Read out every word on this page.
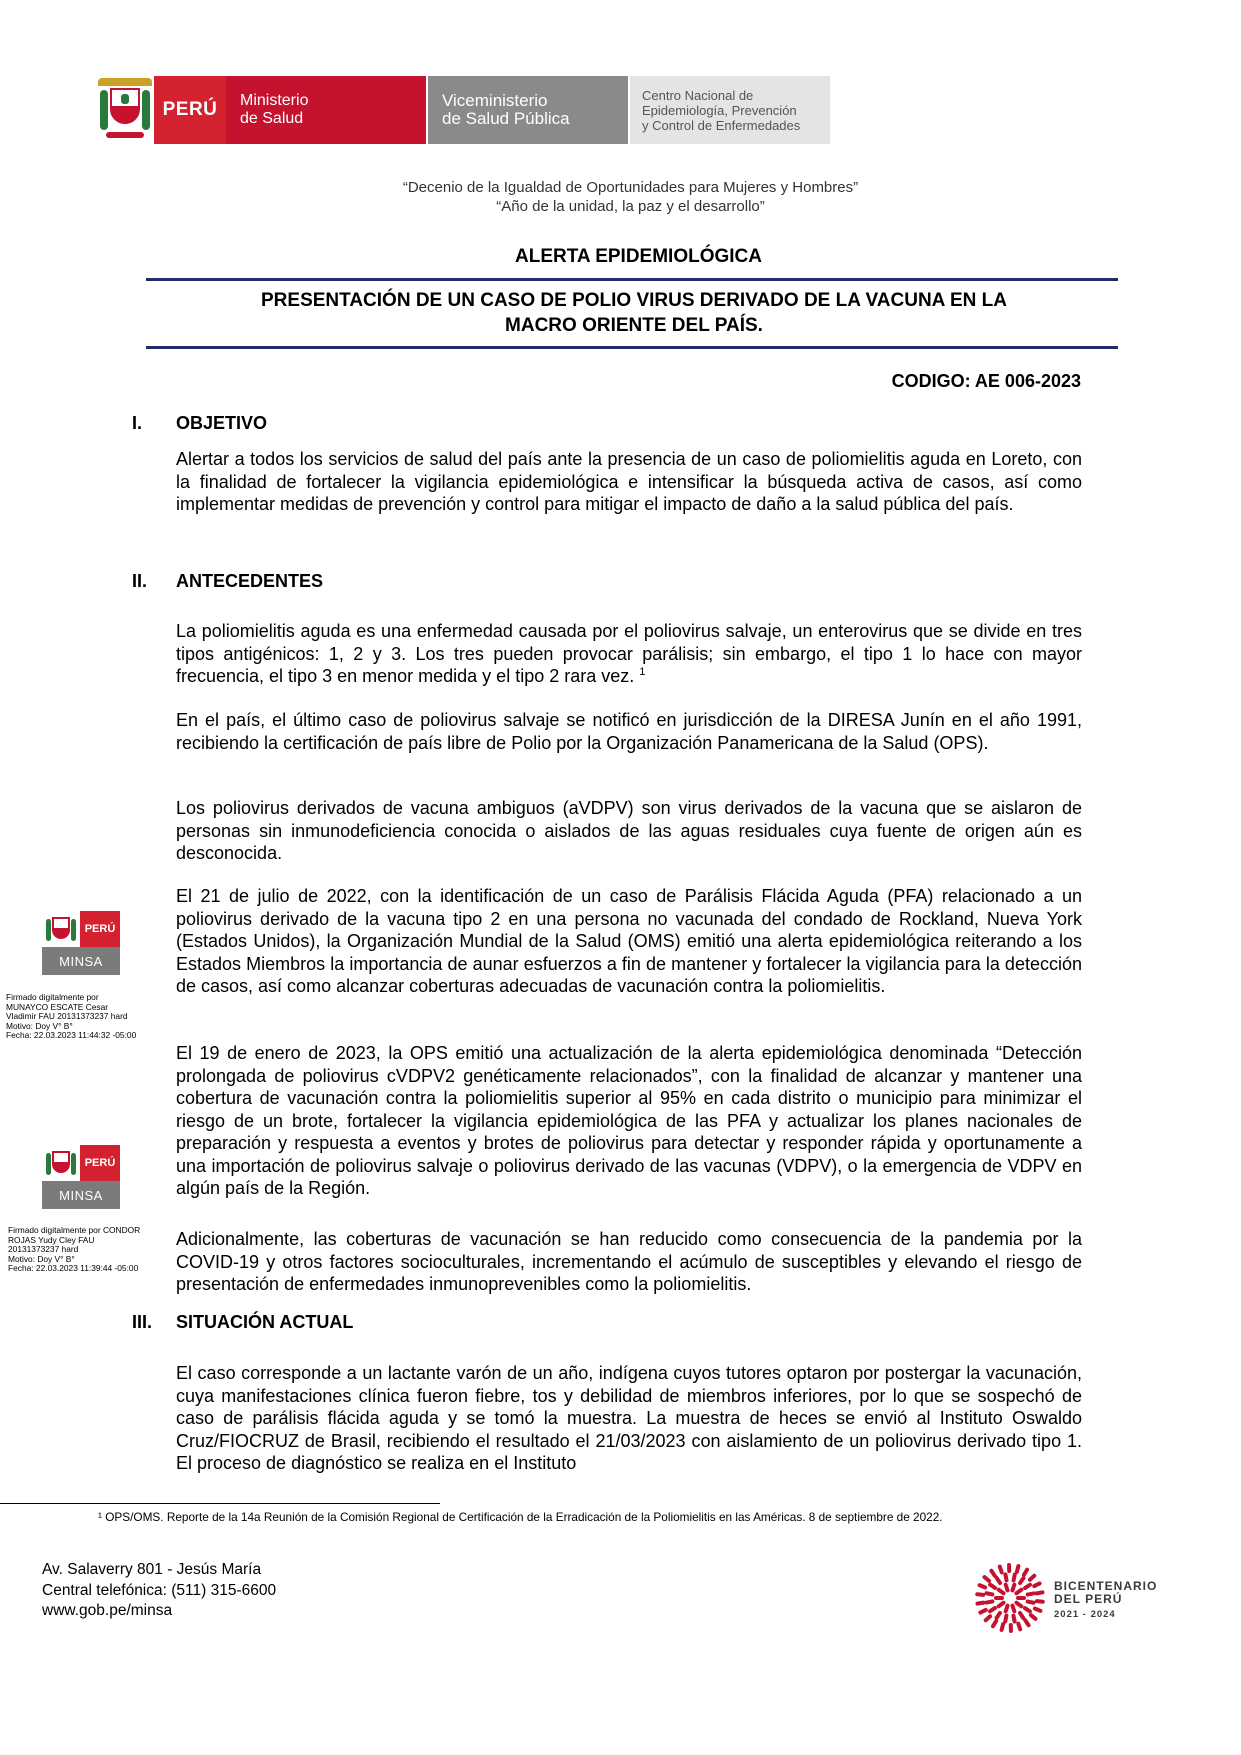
PERÚ Ministerio
de Salud
Viceministerio
de Salud Pública
Centro Nacional de
Epidemiología, Prevención
y Control de Enfermedades
“Decenio de la Igualdad de Oportunidades para Mujeres y Hombres”
“Año de la unidad, la paz y el desarrollo”
ALERTA EPIDEMIOLÓGICA
PRESENTACIÓN DE UN CASO DE POLIO VIRUS DERIVADO DE LA VACUNA EN LA
MACRO ORIENTE DEL PAÍS.
CODIGO: AE 006-2023
I. OBJETIVO
Alertar a todos los servicios de salud del país ante la presencia de un caso de poliomielitis aguda en Loreto, con la finalidad de fortalecer la vigilancia epidemiológica e intensificar la búsqueda activa de casos, así como implementar medidas de prevención y control para mitigar el impacto de daño a la salud pública del país.
II. ANTECEDENTES
La poliomielitis aguda es una enfermedad causada por el poliovirus salvaje, un enterovirus que se divide en tres tipos antigénicos: 1, 2 y 3. Los tres pueden provocar parálisis; sin embargo, el tipo 1 lo hace con mayor frecuencia, el tipo 3 en menor medida y el tipo 2 rara vez. $^1$
En el país, el último caso de poliovirus salvaje se notificó en jurisdicción de la DIRESA Junín en el año 1991, recibiendo la certificación de país libre de Polio por la Organización Panamericana de la Salud (OPS).
Los poliovirus derivados de vacuna ambiguos (aVDPV) son virus derivados de la vacuna que se aislaron de personas sin inmunodeficiencia conocida o aislados de las aguas residuales cuya fuente de origen aún es desconocida.
El 21 de julio de 2022, con la identificación de un caso de Parálisis Flácida Aguda (PFA) relacionado a un poliovirus derivado de la vacuna tipo 2 en una persona no vacunada del condado de Rockland, Nueva York (Estados Unidos), la Organización Mundial de la Salud (OMS) emitió una alerta epidemiológica reiterando a los Estados Miembros la importancia de aunar esfuerzos a fin de mantener y fortalecer la vigilancia para la detección de casos, así como alcanzar coberturas adecuadas de vacunación contra la poliomielitis.
El 19 de enero de 2023, la OPS emitió una actualización de la alerta epidemiológica denominada “Detección prolongada de poliovirus cVDPV2 genéticamente relacionados”, con la finalidad de alcanzar y mantener una cobertura de vacunación contra la poliomielitis superior al 95% en cada distrito o municipio para minimizar el riesgo de un brote, fortalecer la vigilancia epidemiológica de las PFA y actualizar los planes nacionales de preparación y respuesta a eventos y brotes de poliovirus para detectar y responder rápida y oportunamente a una importación de poliovirus salvaje o poliovirus derivado de las vacunas (VDPV), o la emergencia de VDPV en algún país de la Región.
Adicionalmente, las coberturas de vacunación se han reducido como consecuencia de la pandemia por la COVID-19 y otros factores socioculturales, incrementando el acúmulo de susceptibles y elevando el riesgo de presentación de enfermedades inmunoprevenibles como la poliomielitis.
III. SITUACIÓN ACTUAL
El caso corresponde a un lactante varón de un año, indígena cuyos tutores optaron por postergar la vacunación, cuya manifestaciones clínica fueron fiebre, tos y debilidad de miembros inferiores, por lo que se sospechó de caso de parálisis flácida aguda y se tomó la muestra. La muestra de heces se envió al Instituto Oswaldo Cruz/FIOCRUZ de Brasil, recibiendo el resultado el 21/03/2023 con aislamiento de un poliovirus derivado tipo 1. El proceso de diagnóstico se realiza en el Instituto
PERÚ
MINSA
Firmado digitalmente por
MUNAYCO ESCATE Cesar
Vladimir FAU 20131373237 hard
Motivo: Doy V° B°
Fecha: 22.03.2023 11:44:32 -05:00
PERÚ
MINSA
Firmado digitalmente por CONDOR
ROJAS Yudy Cley FAU
20131373237 hard
Motivo: Doy V° B°
Fecha: 22.03.2023 11:39:44 -05:00
¹ OPS/OMS. Reporte de la 14a Reunión de la Comisión Regional de Certificación de la Erradicación de la Poliomielitis en las Américas. 8 de septiembre de 2022.
Av. Salaverry 801 - Jesús María
Central telefónica: (511) 315-6600
www.gob.pe/minsa
BICENTENARIO
DEL PERÚ
2021 - 2024
